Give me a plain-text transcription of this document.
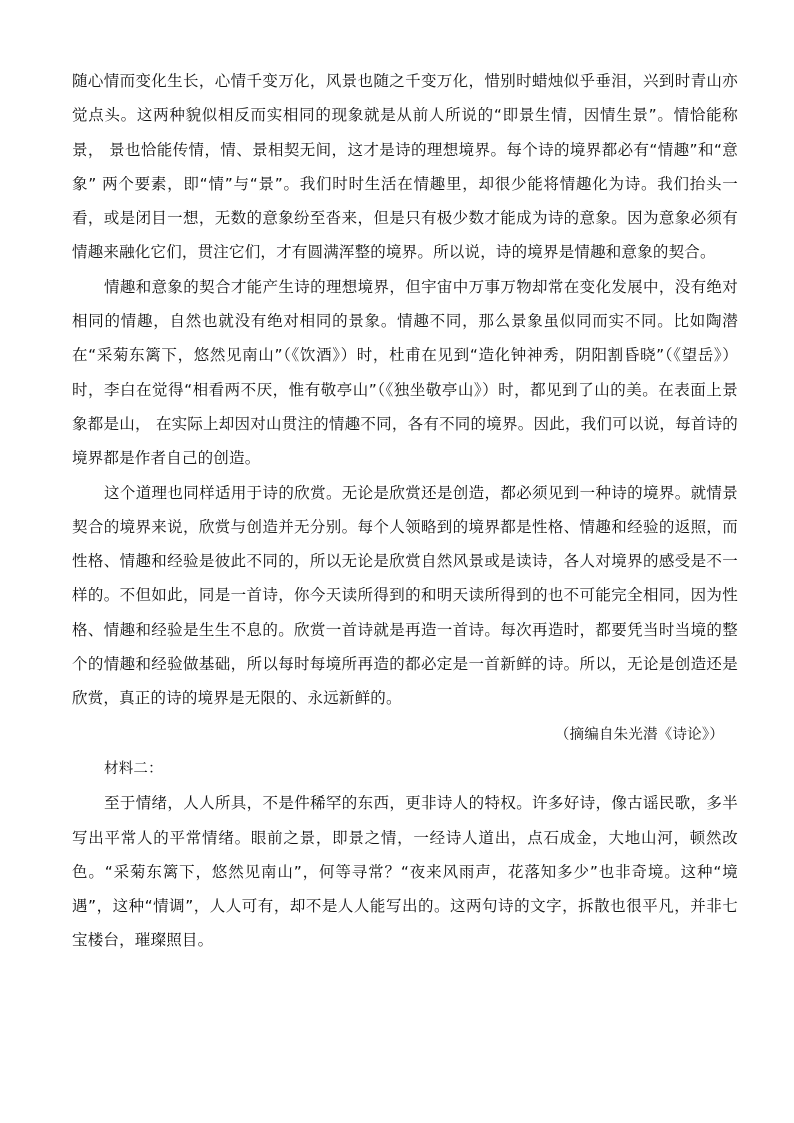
随心情而变化生长，心情千变万化，风景也随之千变万化，惜别时蜡烛似乎垂泪，兴到时青山亦觉点头。这两种貌似相反而实相同的现象就是从前人所说的“即景生情，因情生景”。情恰能称景， 景也恰能传情，情、景相契无间，这才是诗的理想境界。每个诗的境界都必有“情趣”和“意象” 两个要素，即“情”与“景”。我们时时生活在情趣里，却很少能将情趣化为诗。我们抬头一看，或是闭目一想，无数的意象纷至沓来，但是只有极少数才能成为诗的意象。因为意象必须有情趣来融化它们，贯注它们，才有圆满浑整的境界。所以说，诗的境界是情趣和意象的契合。

情趣和意象的契合才能产生诗的理想境界，但宇宙中万事万物却常在变化发展中，没有绝对相同的情趣，自然也就没有绝对相同的景象。情趣不同，那么景象虽似同而实不同。比如陶潜在“采菊东篱下，悠然见南山”（《饮酒》）时，杜甫在见到“造化钟神秀，阴阳割昏晓”（《望岳》）时，李白在觉得“相看两不厌，惟有敬亭山”（《独坐敬亭山》）时，都见到了山的美。在表面上景象都是山， 在实际上却因对山贯注的情趣不同，各有不同的境界。因此，我们可以说，每首诗的境界都是作者自己的创造。

这个道理也同样适用于诗的欣赏。无论是欣赏还是创造，都必须见到一种诗的境界。就情景契合的境界来说，欣赏与创造并无分别。每个人领略到的境界都是性格、情趣和经验的返照，而性格、情趣和经验是彼此不同的，所以无论是欣赏自然风景或是读诗，各人对境界的感受是不一样的。不但如此，同是一首诗，你今天读所得到的和明天读所得到的也不可能完全相同，因为性格、情趣和经验是生生不息的。欣赏一首诗就是再造一首诗。每次再造时，都要凭当时当境的整个的情趣和经验做基础，所以每时每境所再造的都必定是一首新鲜的诗。所以，无论是创造还是欣赏，真正的诗的境界是无限的、永远新鲜的。

（摘编自朱光潜《诗论》）

材料二：

至于情绪，人人所具，不是件稀罕的东西，更非诗人的特权。许多好诗，像古谣民歌，多半写出平常人的平常情绪。眼前之景，即景之情，一经诗人道出，点石成金，大地山河，顿然改色。“采菊东篱下，悠然见南山”，何等寻常？“夜来风雨声，花落知多少”也非奇境。这种“境遇”，这种“情调”，人人可有，却不是人人能写出的。这两句诗的文字，拆散也很平凡，并非七宝楼台，璀璨照目。
